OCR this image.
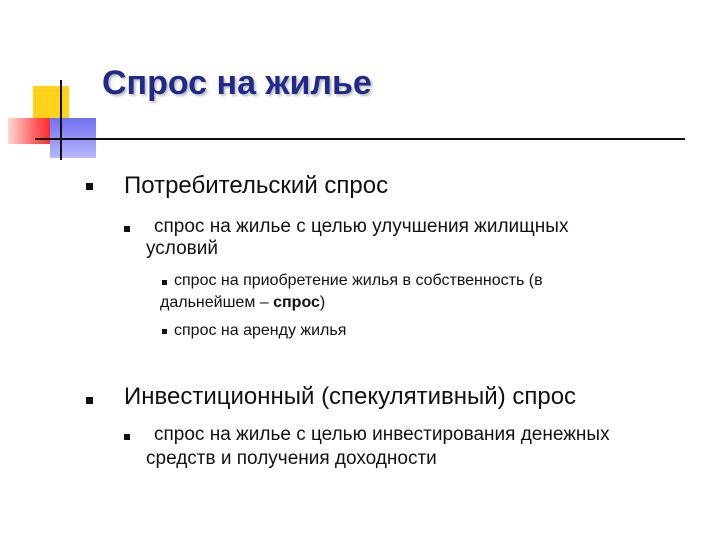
Спрос на жилье
Потребительский спрос
спрос на жилье с целью улучшения жилищных
условий
спрос на приобретение жилья в собственность (в
дальнейшем – спрос)
спрос на аренду жилья
Инвестиционный (спекулятивный) спрос
спрос на жилье с целью инвестирования денежных
средств и получения доходности
